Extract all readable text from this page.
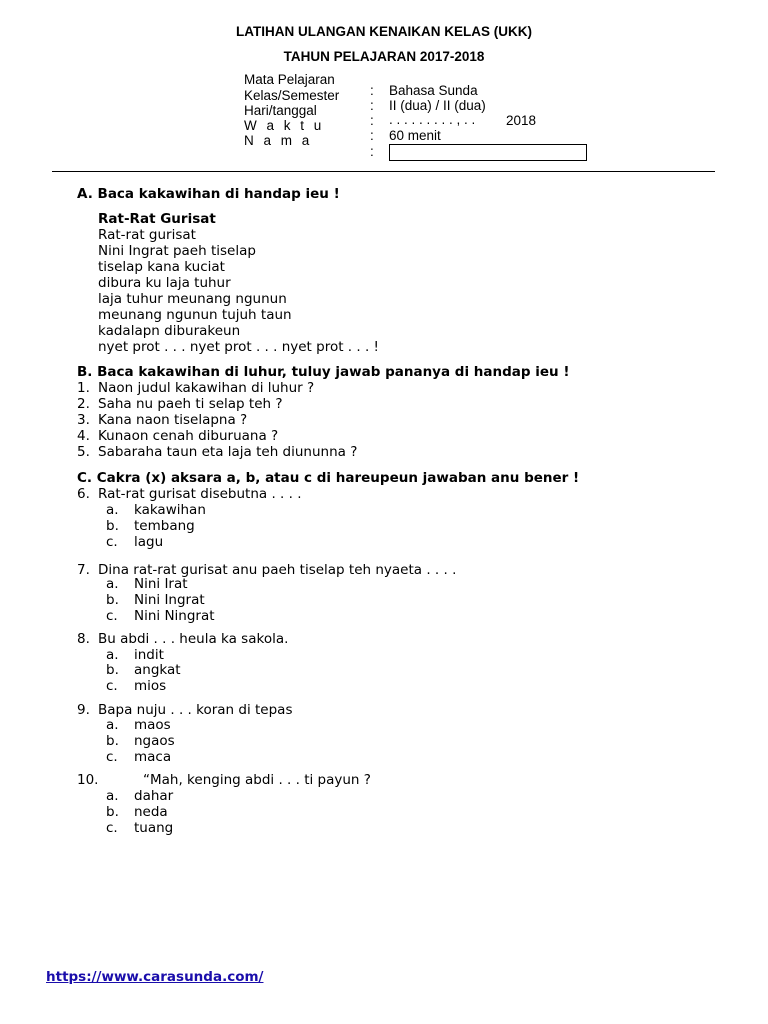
LATIHAN ULANGAN KENAIKAN KELAS (UKK)
TAHUN PELAJARAN 2017-2018
Mata Pelajaran
Kelas/Semester
Hari/tanggal
W a k t u
N a m a
:
:
:
:
:
Bahasa Sunda
II (dua) / II (dua)
. . . . . . . . . , . . 2018
60 menit
A. Baca kakawihan di handap ieu !
Rat-Rat Gurisat
Rat-rat gurisat
Nini Ingrat paeh tiselap
tiselap kana kuciat
dibura ku laja tuhur
laja tuhur meunang ngunun
meunang ngunun tujuh taun
kadalapn diburakeun
nyet prot . . . nyet prot . . . nyet prot . . . !
B. Baca kakawihan di luhur, tuluy jawab pananya di handap ieu !
1. Naon judul kakawihan di luhur ?
2. Saha nu paeh ti selap teh ?
3. Kana naon tiselapna ?
4. Kunaon cenah diburuana ?
5. Sabaraha taun eta laja teh diununna ?
C. Cakra (x) aksara a, b, atau c di hareupeun jawaban anu bener !
6. Rat-rat gurisat disebutna . . . .
a. kakawihan
b. tembang
c. lagu
7. Dina rat-rat gurisat anu paeh tiselap teh nyaeta . . . .
a. Nini Irat
b. Nini Ingrat
c. Nini Ningrat
8. Bu abdi . . . heula ka sakola.
a. indit
b. angkat
c. mios
9. Bapa nuju . . . koran di tepas
a. maos
b. ngaos
c. maca
10.	“Mah, kenging abdi . . . ti payun ?
a. dahar
b. neda
c. tuang
https://www.carasunda.com/
